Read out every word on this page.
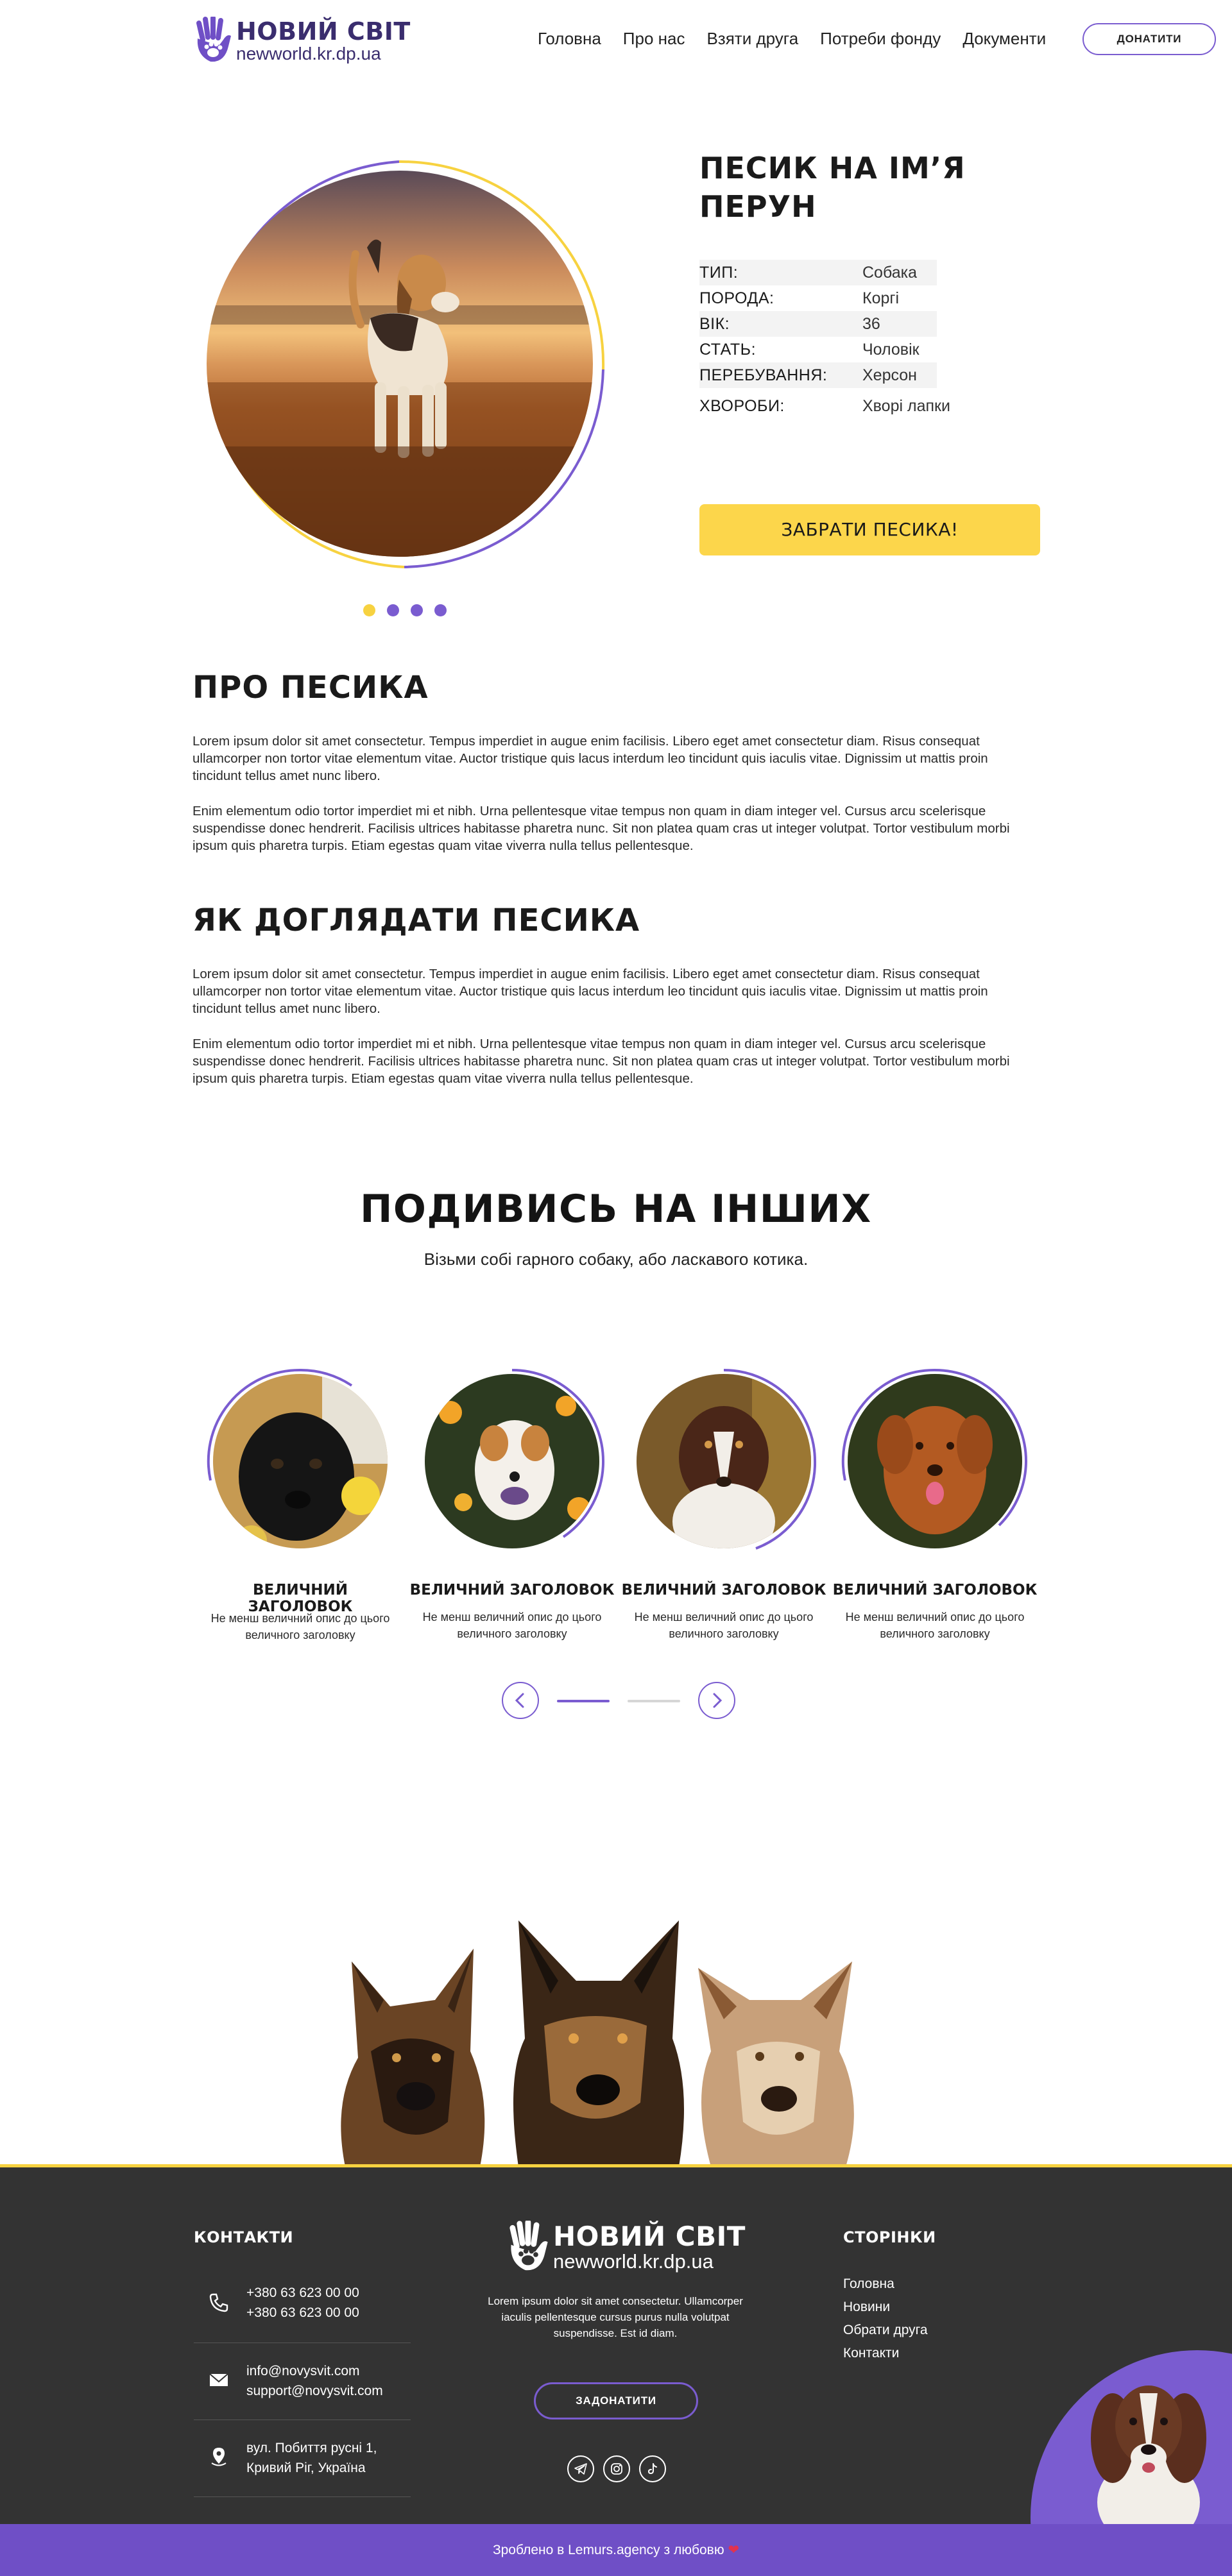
НОВИЙ СВІТ
newworld.kr.dp.ua
Головна Про нас Взяти друга Потреби фонду Документи	ДОНАТИТИ
ПЕСИК НА ІМ’Я ПЕРУН
ТИП:	Собака
ПОРОДА:	Коргі
ВІК:	36
СТАТЬ:	Чоловік
ПЕРЕБУВАННЯ:	Херсон
ХВОРОБИ:	Хворі лапки
ЗАБРАТИ ПЕСИКА!
ПРО ПЕСИКА

Lorem ipsum dolor sit amet consectetur. Tempus imperdiet in augue enim facilisis. Libero eget amet consectetur diam. Risus consequat ullamcorper non tortor vitae elementum vitae. Auctor tristique quis lacus interdum leo tincidunt quis iaculis vitae. Dignissim ut mattis proin tincidunt tellus amet nunc libero.

Enim elementum odio tortor imperdiet mi et nibh. Urna pellentesque vitae tempus non quam in diam integer vel. Cursus arcu scelerisque suspendisse donec hendrerit. Facilisis ultrices habitasse pharetra nunc. Sit non platea quam cras ut integer volutpat. Tortor vestibulum morbi ipsum quis pharetra turpis. Etiam egestas quam vitae viverra nulla tellus pellentesque.

ЯК ДОГЛЯДАТИ ПЕСИКА

Lorem ipsum dolor sit amet consectetur. Tempus imperdiet in augue enim facilisis. Libero eget amet consectetur diam. Risus consequat ullamcorper non tortor vitae elementum vitae. Auctor tristique quis lacus interdum leo tincidunt quis iaculis vitae. Dignissim ut mattis proin tincidunt tellus amet nunc libero.

Enim elementum odio tortor imperdiet mi et nibh. Urna pellentesque vitae tempus non quam in diam integer vel. Cursus arcu scelerisque suspendisse donec hendrerit. Facilisis ultrices habitasse pharetra nunc. Sit non platea quam cras ut integer volutpat. Tortor vestibulum morbi ipsum quis pharetra turpis. Etiam egestas quam vitae viverra nulla tellus pellentesque.

ПОДИВИСЬ НА ІНШИХ

Візьми собі гарного собаку, або ласкавого котика.

ВЕЛИЧНИЙ ЗАГОЛОВОК
Не менш величний опис до цього величного заголовку
ВЕЛИЧНИЙ ЗАГОЛОВОК
Не менш величний опис до цього величного заголовку
ВЕЛИЧНИЙ ЗАГОЛОВОК
Не менш величний опис до цього величного заголовку
ВЕЛИЧНИЙ ЗАГОЛОВОК
Не менш величний опис до цього величного заголовку
КОНТАКТИ
+380 63 623 00 00
+380 63 623 00 00
info@novysvit.com
support@novysvit.com
вул. Побиття русні 1,
Кривий Ріг, Україна
НОВИЙ СВІТ
newworld.kr.dp.ua

Lorem ipsum dolor sit amet consectetur. Ullamcorper iaculis pellentesque cursus purus nulla volutpat suspendisse. Est id diam.

ЗАДОНАТИТИ
СТОРІНКИ
Головна
Новини
Обрати друга
Контакти
Зроблено в Lemurs.agency з любовю ❤
